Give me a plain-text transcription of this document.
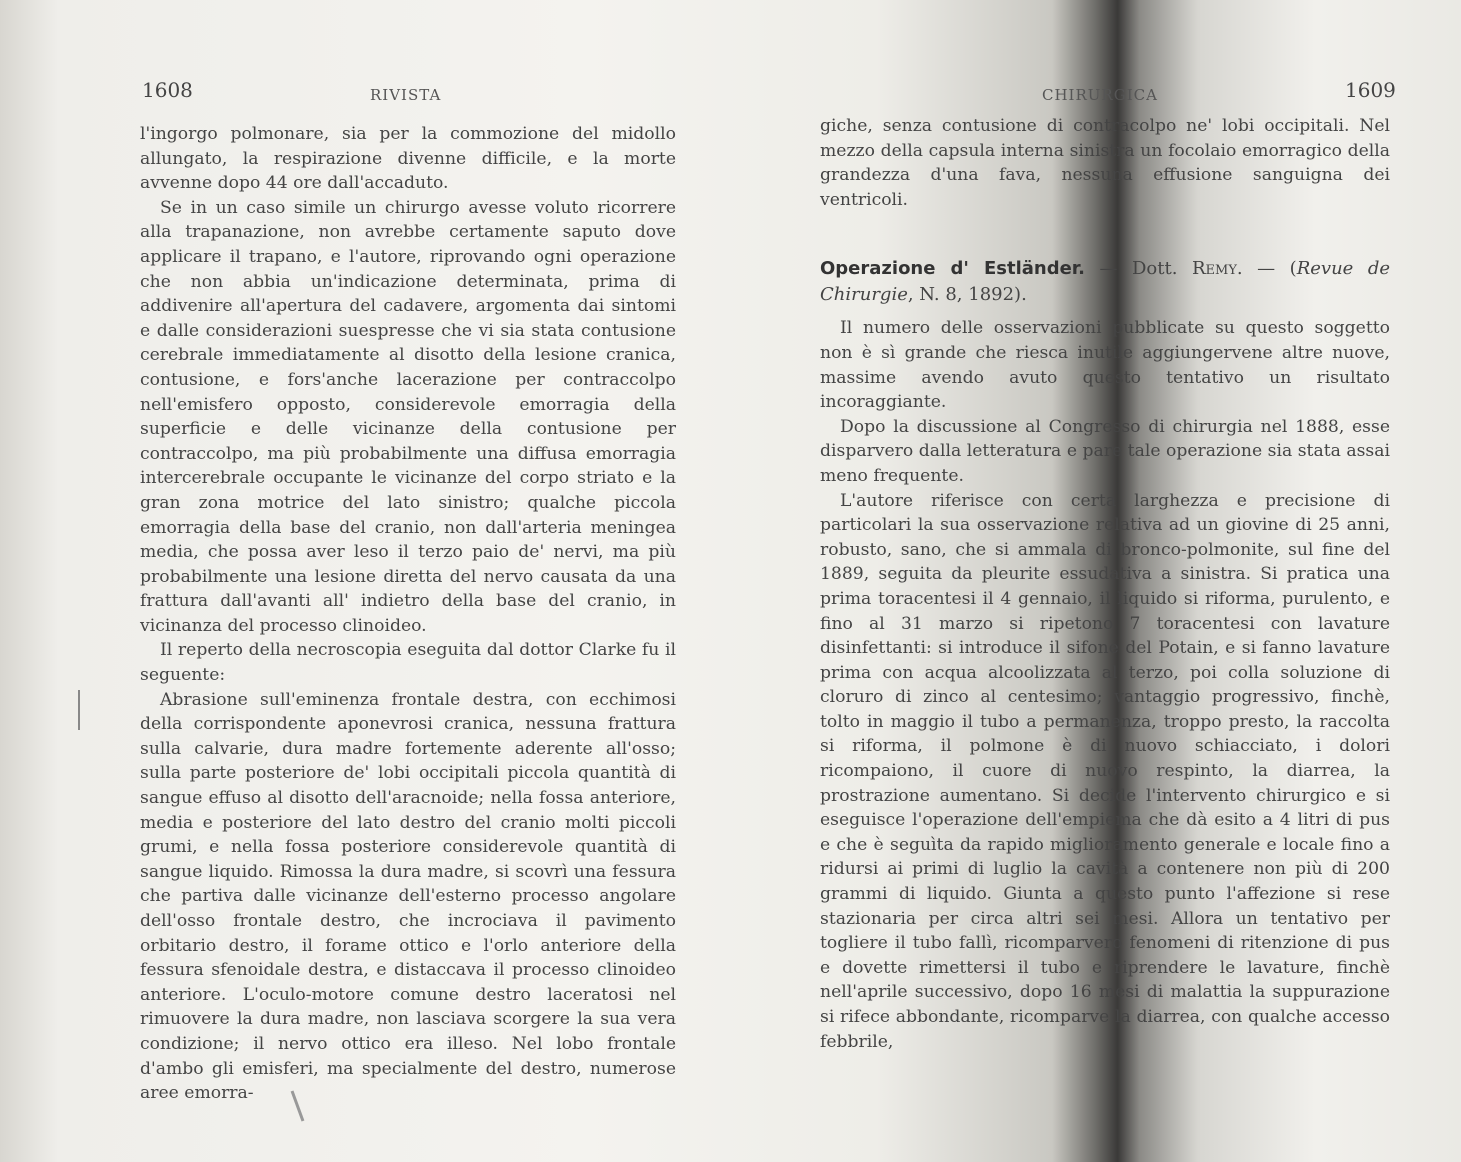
1608	RIVISTA

l'ingorgo polmonare, sia per la commozione del midollo allungato, la respirazione divenne difficile, e la morte avvenne dopo 44 ore dall'accaduto.

Se in un caso simile un chirurgo avesse voluto ricorrere alla trapanazione, non avrebbe certamente saputo dove applicare il trapano, e l'autore, riprovando ogni operazione che non abbia un'indicazione determinata, prima di addivenire all'apertura del cadavere, argomenta dai sintomi e dalle considerazioni suespresse che vi sia stata contusione cerebrale immediatamente al disotto della lesione cranica, contusione, e fors'anche lacerazione per contraccolpo nell'emisfero opposto, considerevole emorragia della superficie e delle vicinanze della contusione per contraccolpo, ma più probabilmente una diffusa emorragia intercerebrale occupante le vicinanze del corpo striato e la gran zona motrice del lato sinistro; qualche piccola emorragia della base del cranio, non dall'arteria meningea media, che possa aver leso il terzo paio de' nervi, ma più probabilmente una lesione diretta del nervo causata da una frattura dall'avanti all' indietro della base del cranio, in vicinanza del processo clinoideo.

Il reperto della necroscopia eseguita dal dottor Clarke fu il seguente:

Abrasione sull'eminenza frontale destra, con ecchimosi della corrispondente aponevrosi cranica, nessuna frattura sulla calvarie, dura madre fortemente aderente all'osso; sulla parte posteriore de' lobi occipitali piccola quantità di sangue effuso al disotto dell'aracnoide; nella fossa anteriore, media e posteriore del lato destro del cranio molti piccoli grumi, e nella fossa posteriore considerevole quantità di sangue liquido. Rimossa la dura madre, si scovrì una fessura che partiva dalle vicinanze dell'esterno processo angolare dell'osso frontale destro, che incrociava il pavimento orbitario destro, il forame ottico e l'orlo anteriore della fessura sfenoidale destra, e distaccava il processo clinoideo anteriore. L'oculo-motore comune destro laceratosi nel rimuovere la dura madre, non lasciava scorgere la sua vera condizione; il nervo ottico era illeso. Nel lobo frontale d'ambo gli emisferi, ma specialmente del destro, numerose aree emorra-

CHIRURGICA	1609

giche, senza contusione di contracolpo ne' lobi occipitali. Nel mezzo della capsula interna sinistra un focolaio emorragico della grandezza d'una fava, nessuna effusione sanguigna dei ventricoli.

Operazione d' Estländer. — Dott. Remy. — (Revue de Chirurgie, N. 8, 1892).

Il numero delle osservazioni pubblicate su questo soggetto non è sì grande che riesca inutile aggiungervene altre nuove, massime avendo avuto questo tentativo un risultato incoraggiante.

Dopo la discussione al Congresso di chirurgia nel 1888, esse disparvero dalla letteratura e pare tale operazione sia stata assai meno frequente.

L'autore riferisce con certa larghezza e precisione di particolari la sua osservazione relativa ad un giovine di 25 anni, robusto, sano, che si ammala di bronco-polmonite, sul fine del 1889, seguita da pleurite essudativa a sinistra. Si pratica una prima toracentesi il 4 gennaio, il liquido si riforma, purulento, e fino al 31 marzo si ripetono 7 toracentesi con lavature disinfettanti: si introduce il sifone del Potain, e si fanno lavature prima con acqua alcoolizzata al terzo, poi colla soluzione di cloruro di zinco al centesimo; vantaggio progressivo, finchè, tolto in maggio il tubo a permanenza, troppo presto, la raccolta si riforma, il polmone è di nuovo schiacciato, i dolori ricompaiono, il cuore di nuovo respinto, la diarrea, la prostrazione aumentano. Si decide l'intervento chirurgico e si eseguisce l'operazione dell'empiema che dà esito a 4 litri di pus e che è seguìta da rapido miglioramento generale e locale fino a ridursi ai primi di luglio la cavità a contenere non più di 200 grammi di liquido. Giunta a questo punto l'affezione si rese stazionaria per circa altri sei mesi. Allora un tentativo per togliere il tubo fallì, ricomparvero fenomeni di ritenzione di pus e dovette rimettersi il tubo e riprendere le lavature, finchè nell'aprile successivo, dopo 16 mesi di malattia la suppurazione si rifece abbondante, ricomparve la diarrea, con qualche accesso febbrile,
